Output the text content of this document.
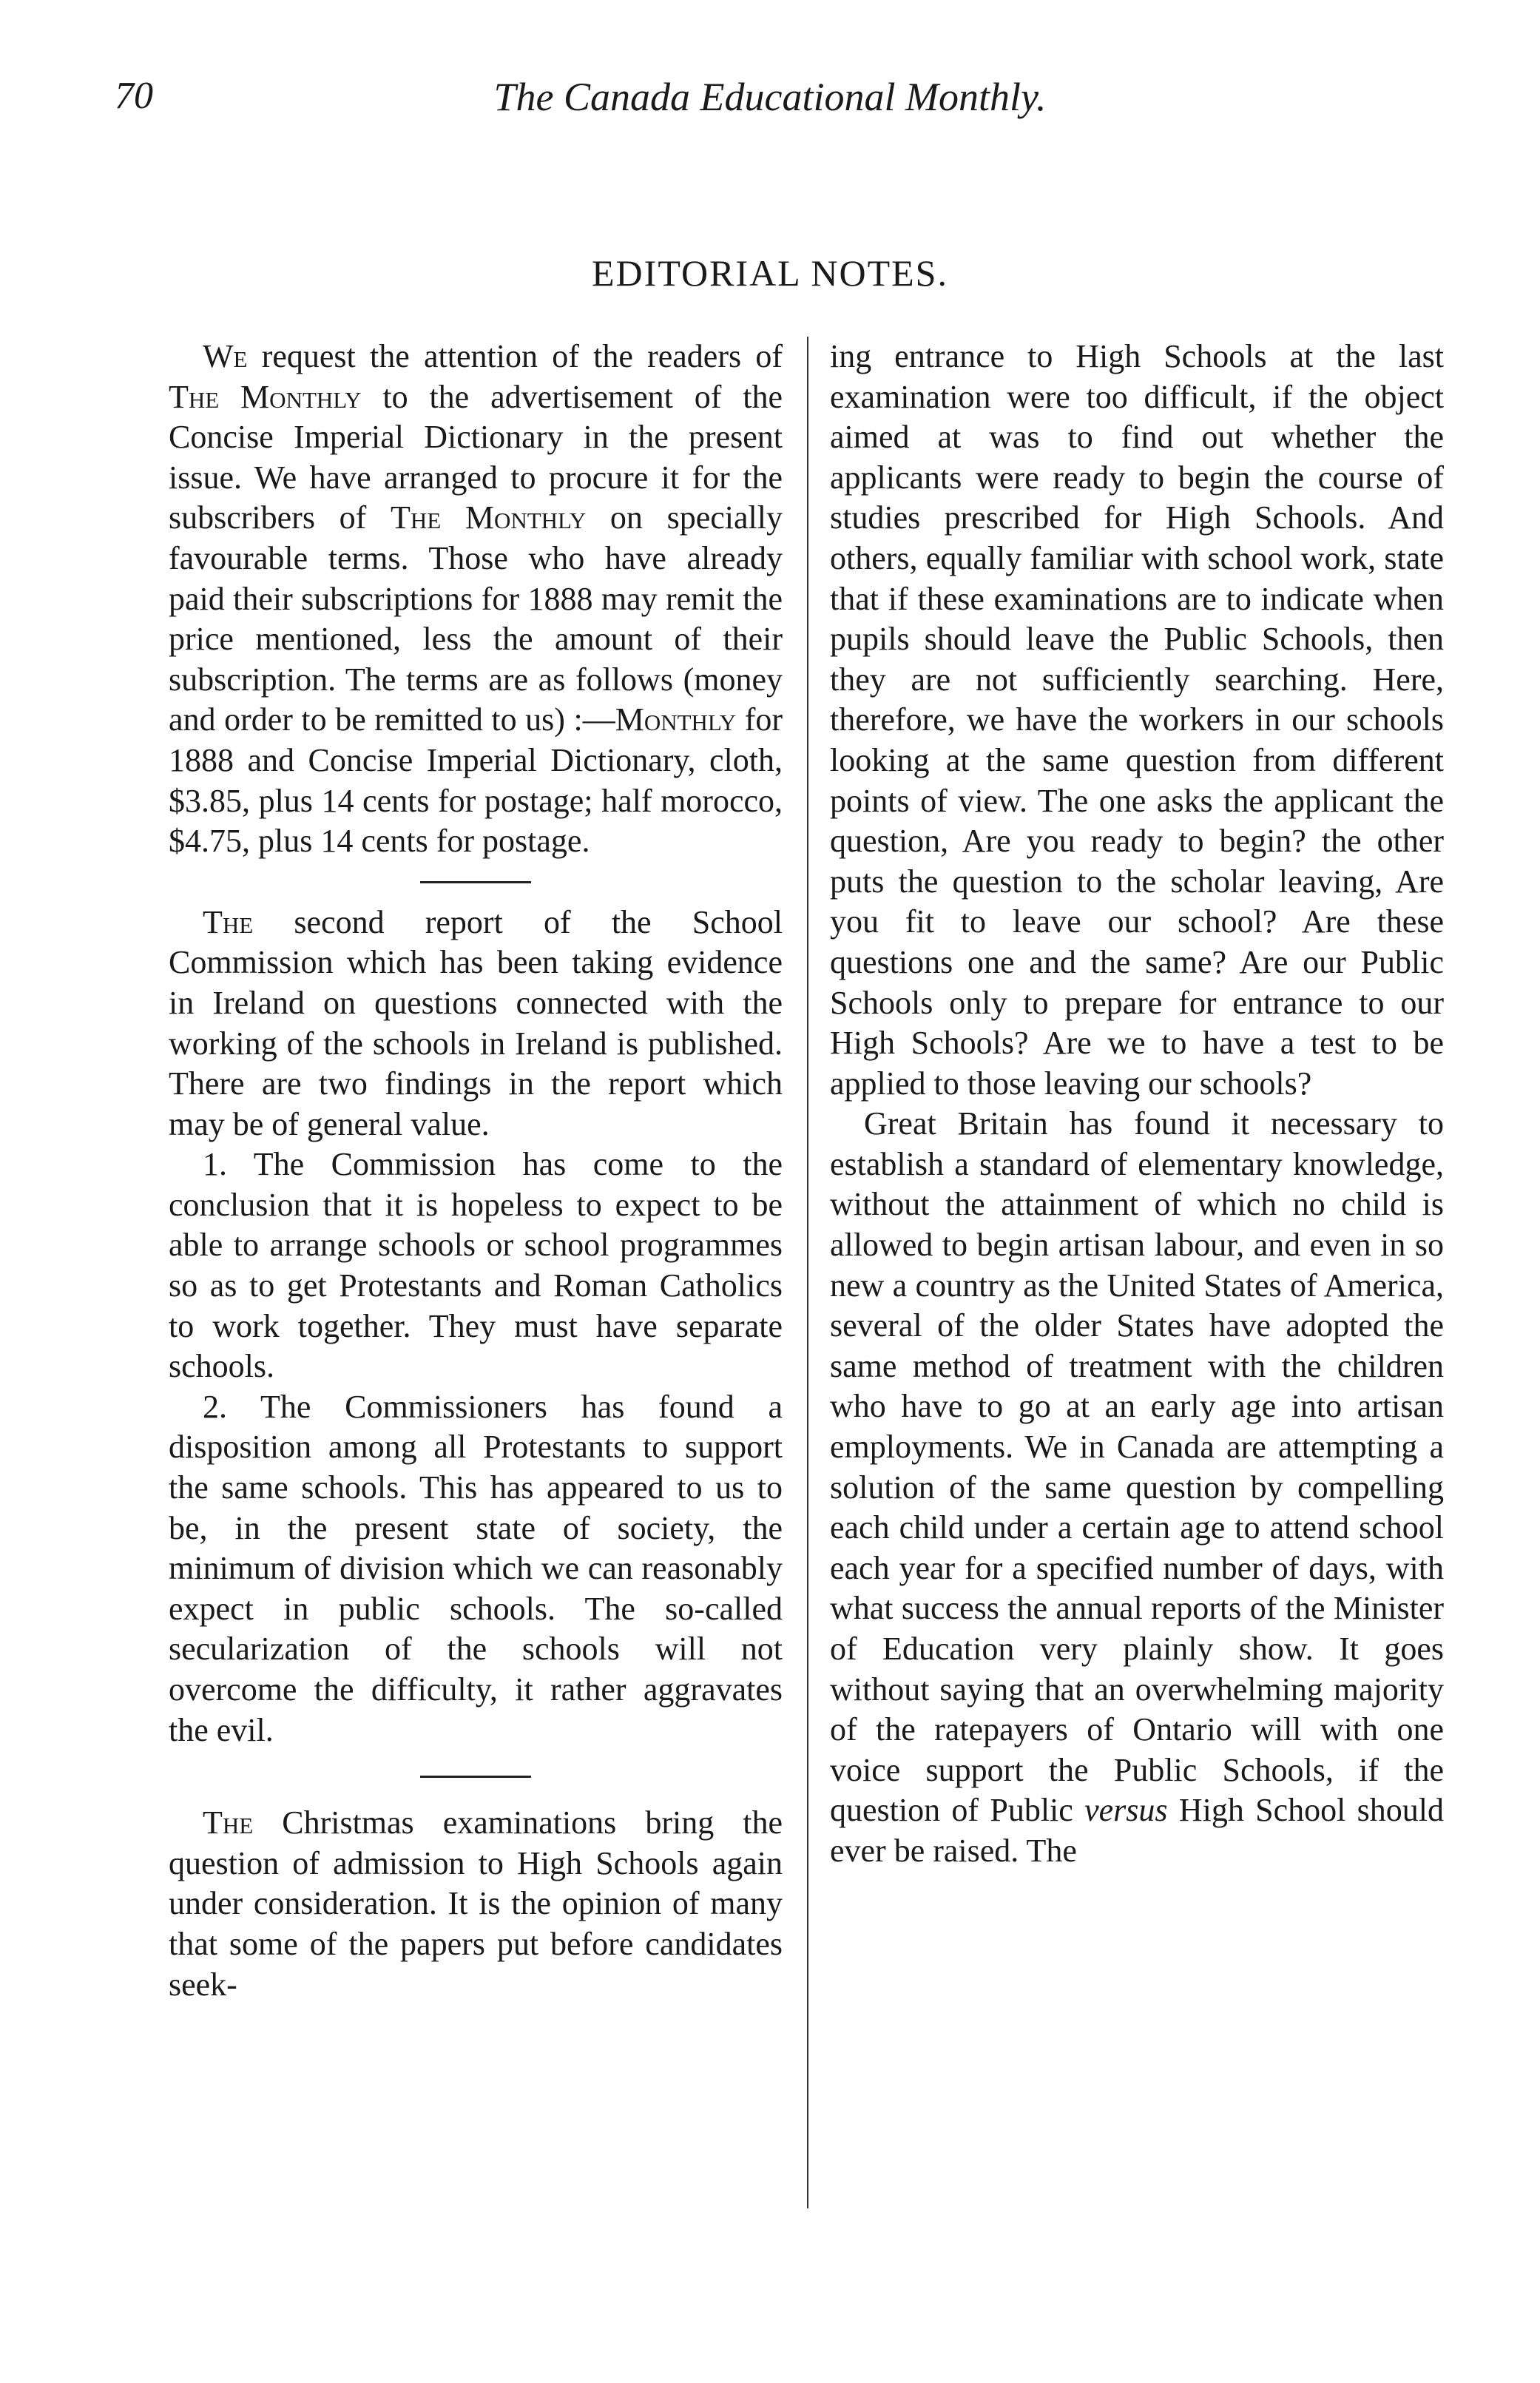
70	The Canada Educational Monthly.
EDITORIAL NOTES.

We request the attention of the readers of The Monthly to the advertisement of the Concise Imperial Dictionary in the present issue. We have arranged to procure it for the subscribers of The Monthly on specially favourable terms. Those who have already paid their subscriptions for 1888 may remit the price mentioned, less the amount of their subscription. The terms are as follows (money and order to be remitted to us) :—Monthly for 1888 and Concise Imperial Dictionary, cloth, $3.85, plus 14 cents for postage; half morocco, $4.75, plus 14 cents for postage.

The second report of the School Commission which has been taking evidence in Ireland on questions connected with the working of the schools in Ireland is published. There are two findings in the report which may be of general value.

1. The Commission has come to the conclusion that it is hopeless to expect to be able to arrange schools or school programmes so as to get Protestants and Roman Catholics to work together. They must have separate schools.

2. The Commissioners has found a disposition among all Protestants to support the same schools. This has appeared to us to be, in the present state of society, the minimum of division which we can reasonably expect in public schools. The so-called secularization of the schools will not overcome the difficulty, it rather aggravates the evil.

The Christmas examinations bring the question of admission to High Schools again under consideration. It is the opinion of many that some of the papers put before candidates seek-

ing entrance to High Schools at the last examination were too difficult, if the object aimed at was to find out whether the applicants were ready to begin the course of studies prescribed for High Schools. And others, equally familiar with school work, state that if these examinations are to indicate when pupils should leave the Public Schools, then they are not sufficiently searching. Here, therefore, we have the workers in our schools looking at the same question from different points of view. The one asks the applicant the question, Are you ready to begin? the other puts the question to the scholar leaving, Are you fit to leave our school? Are these questions one and the same? Are our Public Schools only to prepare for entrance to our High Schools? Are we to have a test to be applied to those leaving our schools?

Great Britain has found it necessary to establish a standard of elementary knowledge, without the attainment of which no child is allowed to begin artisan labour, and even in so new a country as the United States of America, several of the older States have adopted the same method of treatment with the children who have to go at an early age into artisan employments. We in Canada are attempting a solution of the same question by compelling each child under a certain age to attend school each year for a specified number of days, with what success the annual reports of the Minister of Education very plainly show. It goes without saying that an overwhelming majority of the ratepayers of Ontario will with one voice support the Public Schools, if the question of Public versus High School should ever be raised. The
